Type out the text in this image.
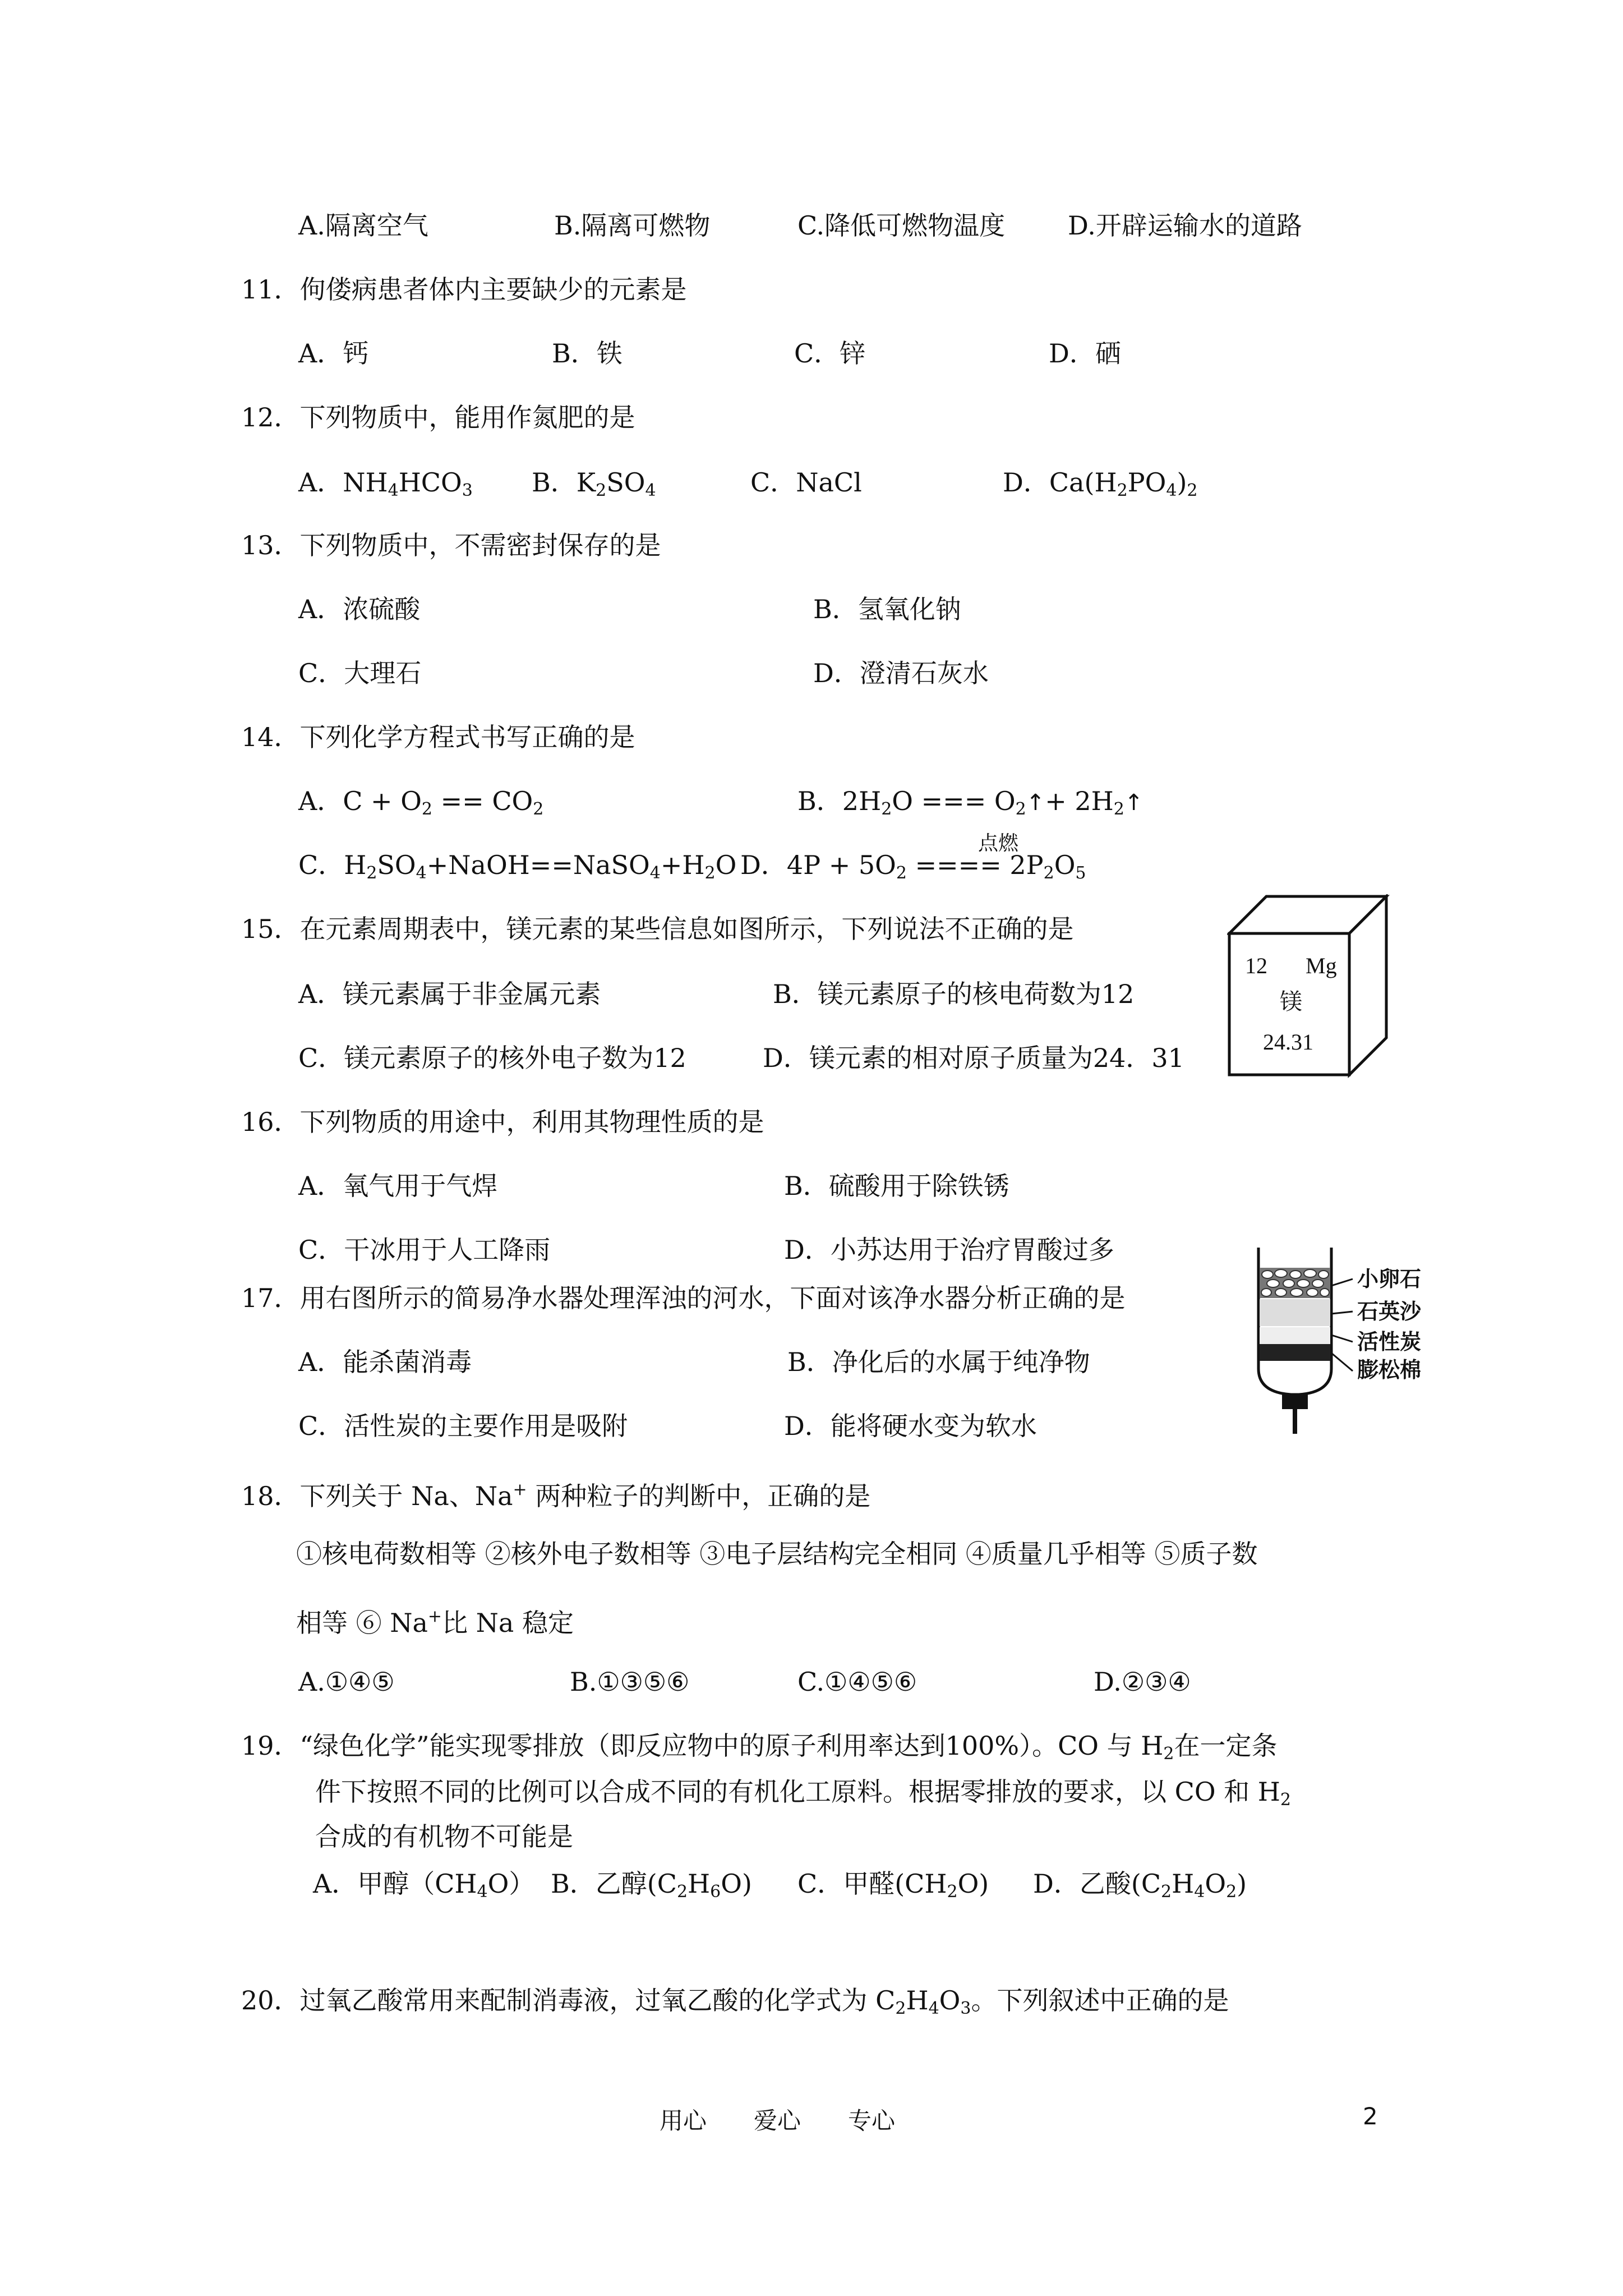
A.隔离空气	B.隔离可燃物	C.降低可燃物温度 D.开辟运输水的道路
11．佝偻病患者体内主要缺少的元素是
A．钙	B．铁	C．锌	D．硒
12．下列物质中，能用作氮肥的是
A．$NH_4HCO_3$ B．$K_2SO_4$	C．NaCl	D．$Ca(H_2PO_4)_2$
13．下列物质中，不需密封保存的是
A．浓硫酸	B．氢氧化钠
C．大理石	D．澄清石灰水
14．下列化学方程式书写正确的是
A．$C + O_2 == CO_2$	B．$2H_2O$ === $O_2↑+$ $2H_2↑$
C．$H_2SO_4+NaOH==NaSO_4+H_2O$ D．$4P + 5O_2$ ==== $2P_2O_5$
点燃
15．在元素周期表中，镁元素的某些信息如图所示，下列说法不正确的是
A．镁元素属于非金属元素	B．镁元素原子的核电荷数为12
C．镁元素原子的核外电子数为12	D．镁元素的相对原子质量为24．31
12 Mg
镁
24.31
16．下列物质的用途中，利用其物理性质的是
A．氧气用于气焊	B．硫酸用于除铁锈
C．干冰用于人工降雨	D．小苏达用于治疗胃酸过多
小卵石
石英沙
活性炭
膨松棉
17．用右图所示的简易净水器处理浑浊的河水，下面对该净水器分析正确的是
A．能杀菌消毒	B．净化后的水属于纯净物
C．活性炭的主要作用是吸附	D．能将硬水变为软水
18．下列关于 Na、Na+ 两种粒子的判断中，正确的是
①核电荷数相等 ②核外电子数相等 ③电子层结构完全相同 ④质量几乎相等 ⑤质子数
相等 ⑥ Na+比 Na 稳定
A.①④⑤	B.①③⑤⑥	C.①④⑤⑥	D.②③④
19．“绿色化学”能实现零排放（即反应物中的原子利用率达到100%）。CO 与 $H_2$在一定条
件下按照不同的比例可以合成不同的有机化工原料。根据零排放的要求，以 CO 和 $H_2$
合成的有机物不可能是
A．甲醇$(CH_4O)$ B．乙醇$(C_2H_6O)$ C．甲醛$(CH_2O)$ D．乙酸$(C_2H_4O_2)$
20．过氧乙酸常用来配制消毒液，过氧乙酸的化学式为 $C_2H_4O_3$。下列叙述中正确的是
用心　　爱心　　专心	2
